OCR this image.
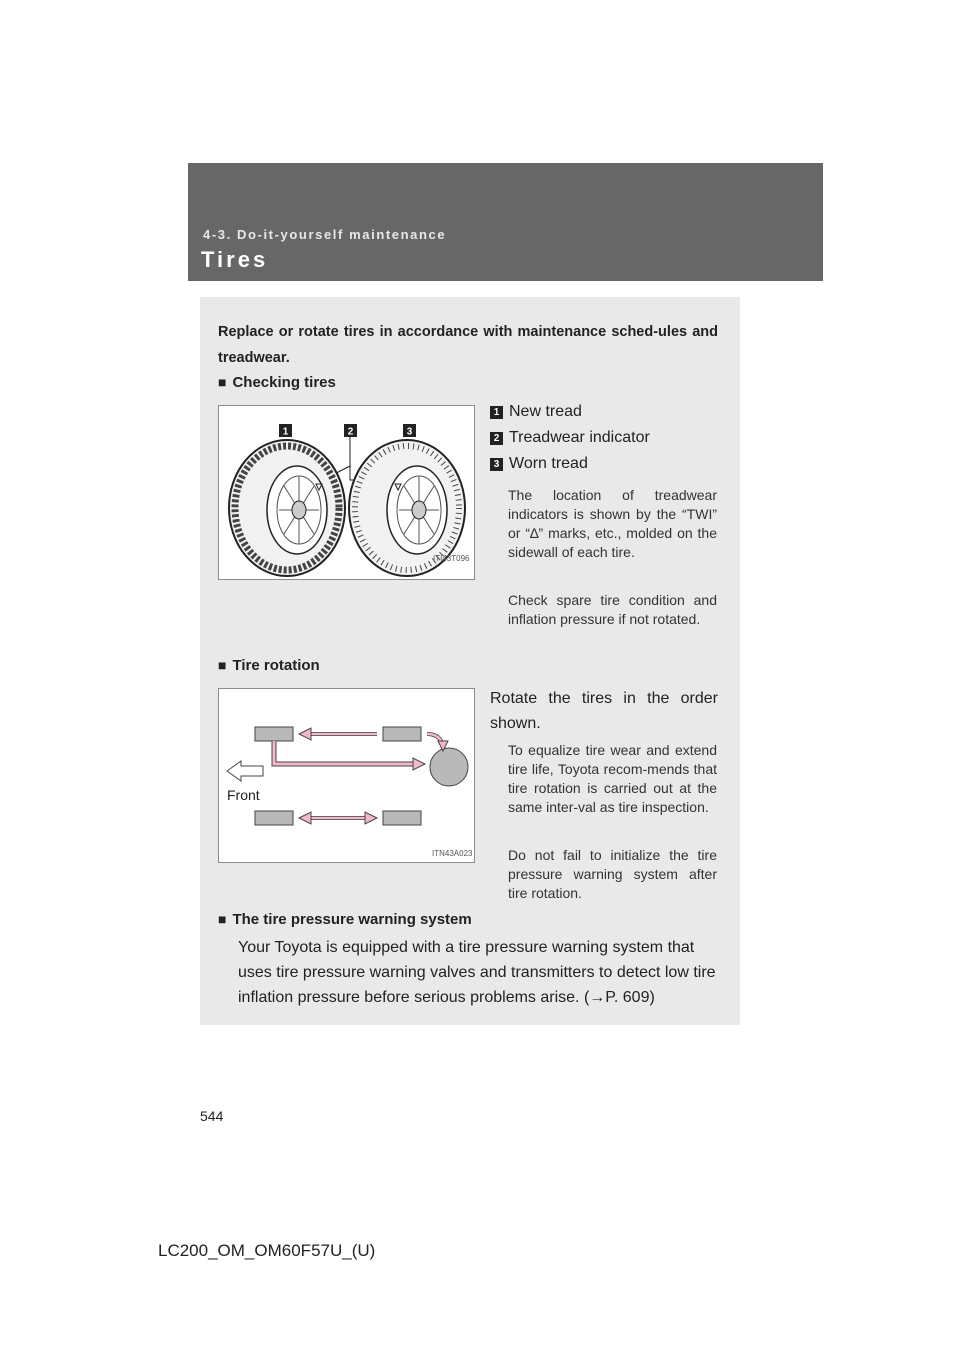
4-3. Do-it-yourself maintenance
Tires
Replace or rotate tires in accordance with maintenance sched-ules and treadwear.
■ Checking tires
1	2	3
ITI43T096
1 New tread
2 Treadwear indicator
3 Worn tread
The location of treadwear indicators is shown by the “TWI” or “∆” marks, etc., molded on the sidewall of each tire.
Check spare tire condition and inflation pressure if not rotated.
■ Tire rotation
Front
ITN43A023
Rotate the tires in the order shown.
To equalize tire wear and extend tire life, Toyota recom-mends that tire rotation is carried out at the same inter-val as tire inspection.
Do not fail to initialize the tire pressure warning system after tire rotation.
■ The tire pressure warning system
Your Toyota is equipped with a tire pressure warning system that uses tire pressure warning valves and transmitters to detect low tire inflation pressure before serious problems arise. (→P. 609)
544
LC200_OM_OM60F57U_(U)
